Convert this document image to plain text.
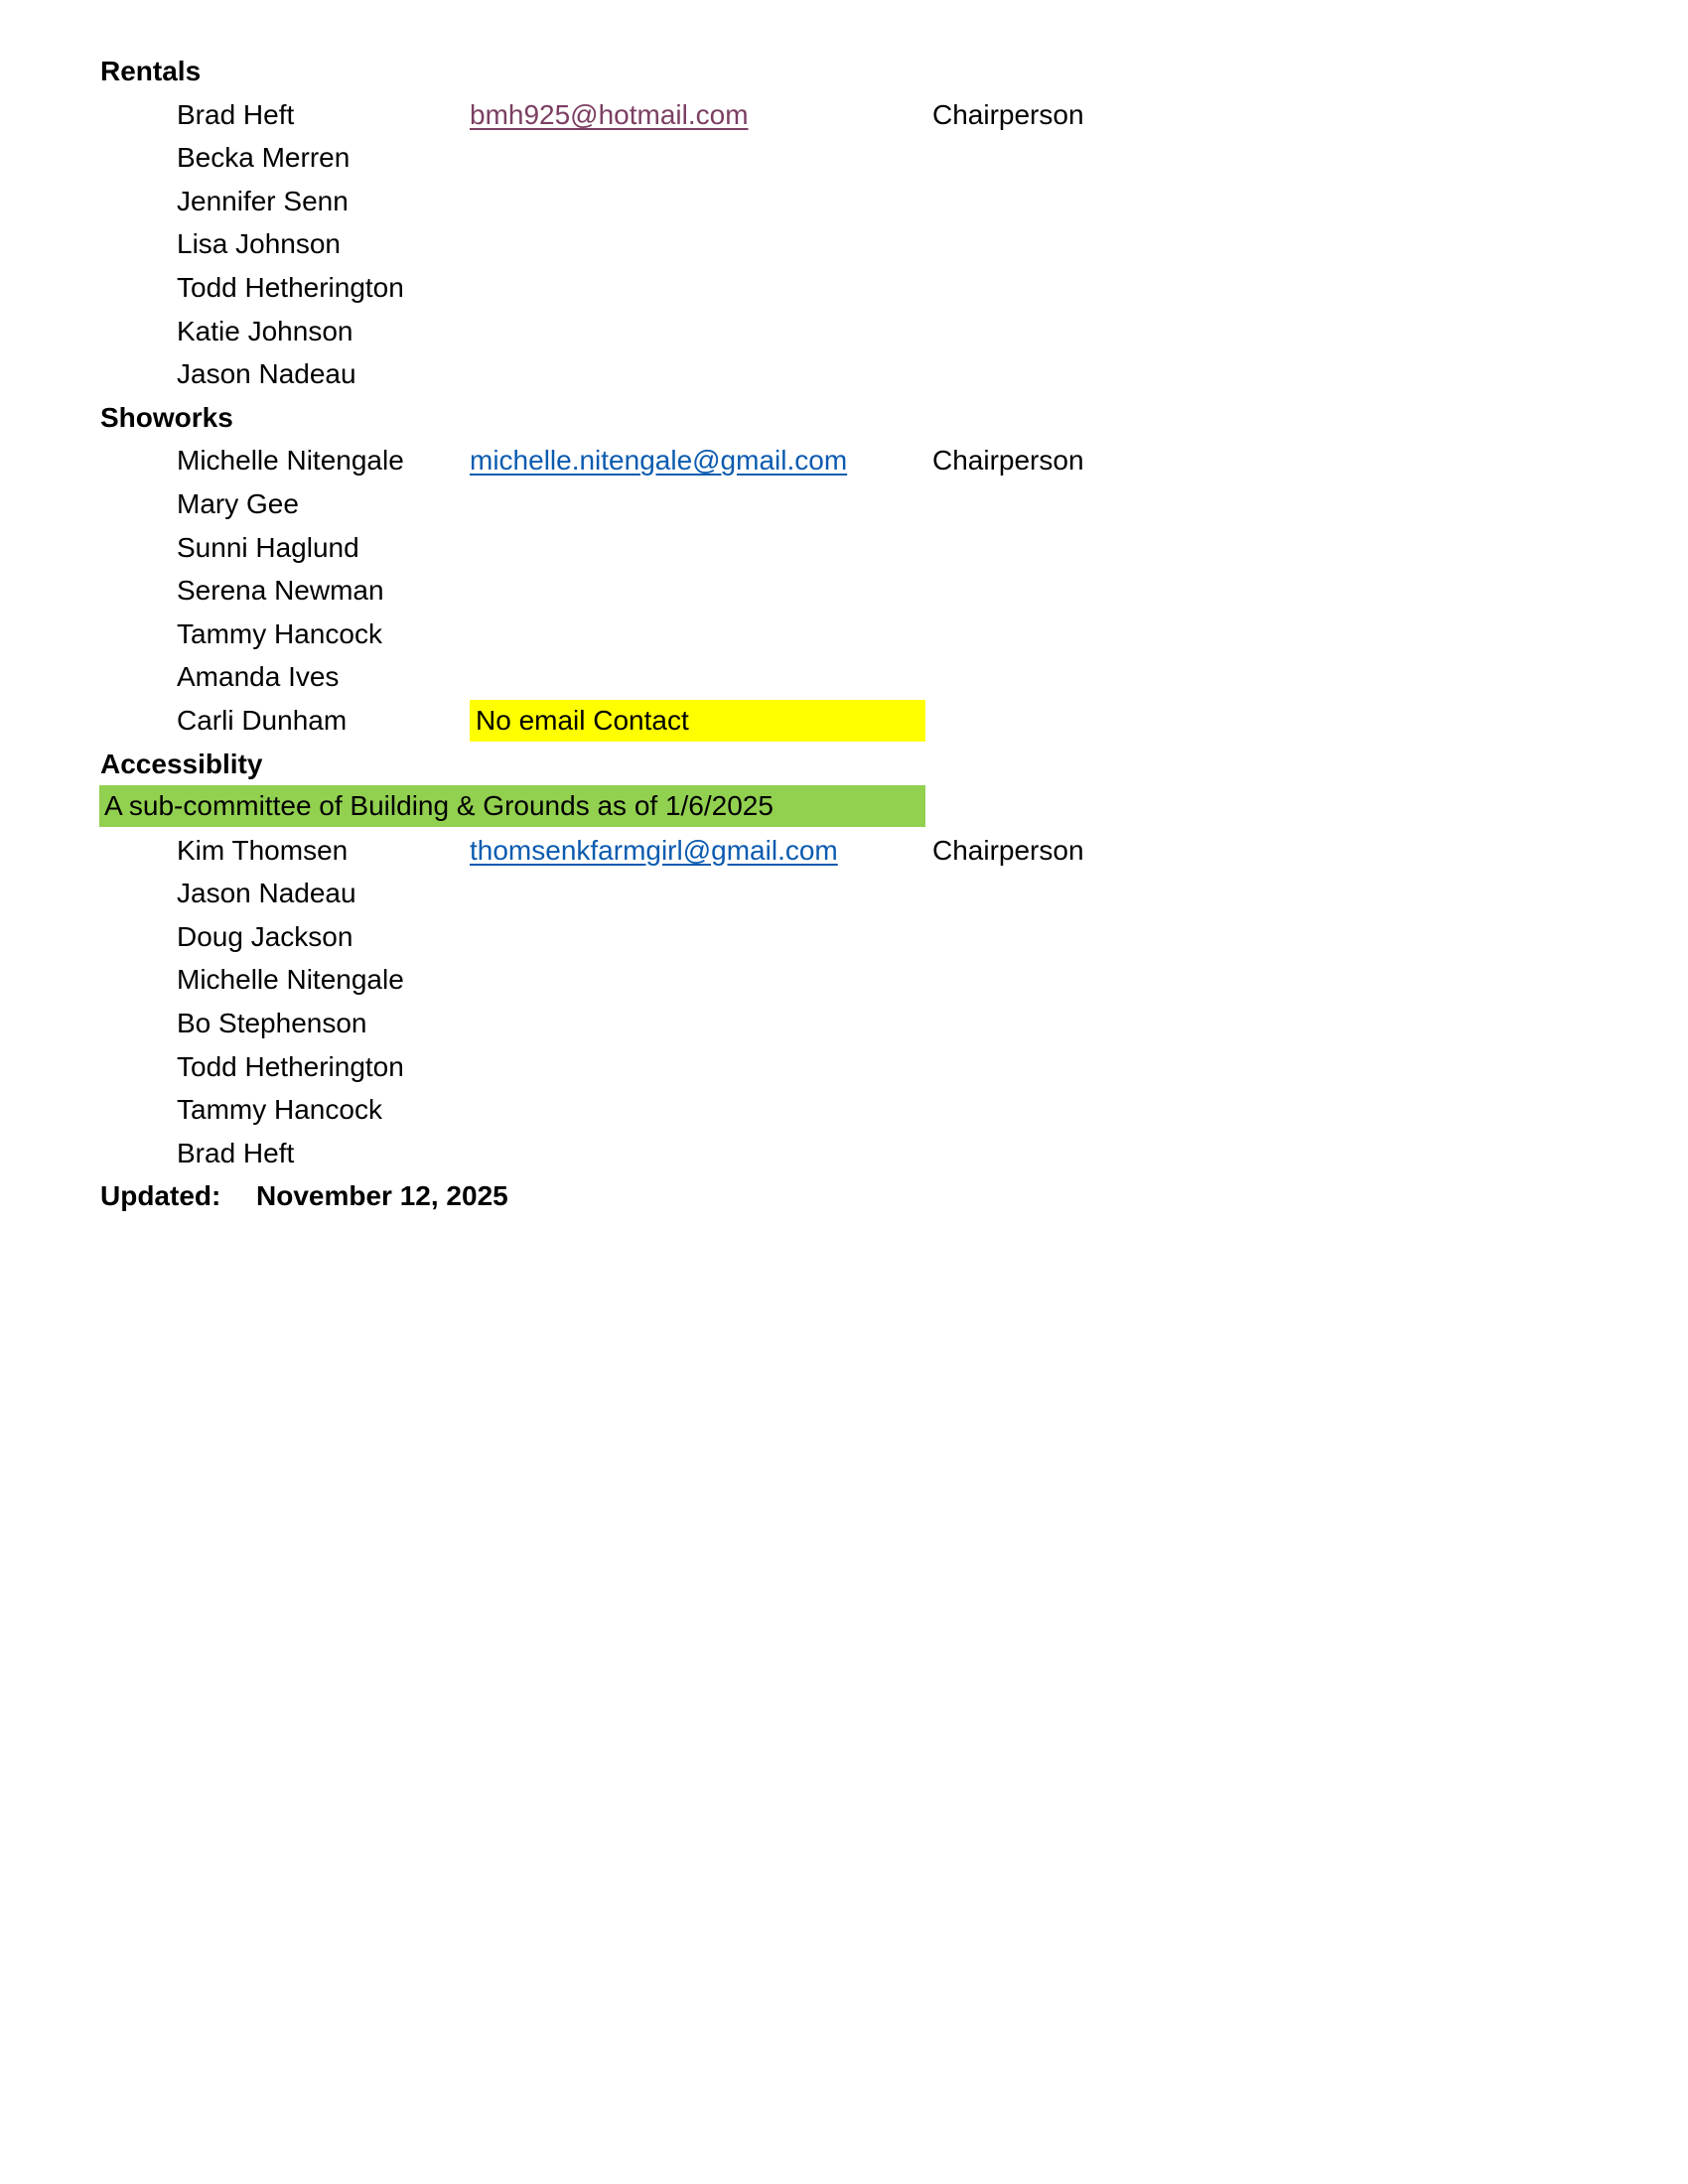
Rentals
Brad Heft	bmh925@hotmail.com	Chairperson
Becka Merren
Jennifer Senn
Lisa Johnson
Todd Hetherington
Katie Johnson
Jason Nadeau
Showorks
Michelle Nitengale michelle.nitengale@gmail.com	Chairperson
Mary Gee
Sunni Haglund
Serena Newman
Tammy Hancock
Amanda Ives
Carli Dunham	No email Contact
Accessiblity
A sub-committee of Building & Grounds as of 1/6/2025
Kim Thomsen	thomsenkfarmgirl@gmail.com	Chairperson
Jason Nadeau
Doug Jackson
Michelle Nitengale
Bo Stephenson
Todd Hetherington
Tammy Hancock
Brad Heft
Updated: November 12, 2025
